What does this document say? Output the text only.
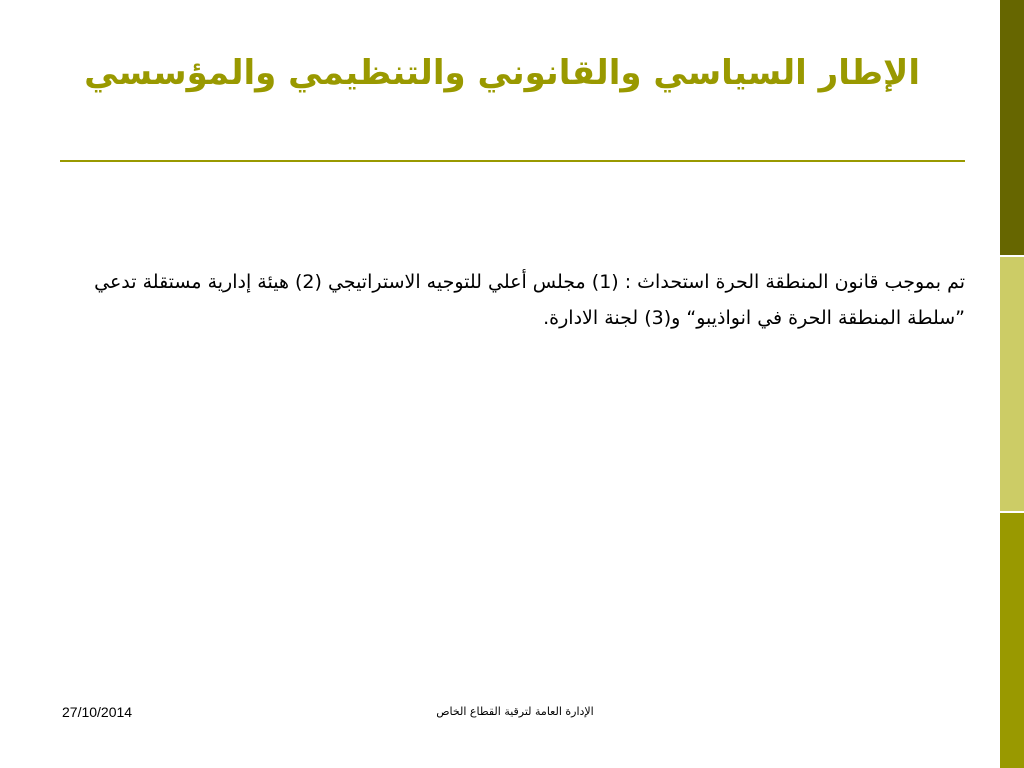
الإطار السياسي والقانوني والتنظيمي والمؤسسي

تم بموجب قانون المنطقة الحرة استحداث : (1) مجلس أعلي للتوجيه الاستراتيجي (2) هيئة إدارية مستقلة تدعي ”سلطة المنطقة الحرة في انواذيبو“ و(3) لجنة الادارة.

27/10/2014	الإدارة العامة لترقية القطاع الخاص
